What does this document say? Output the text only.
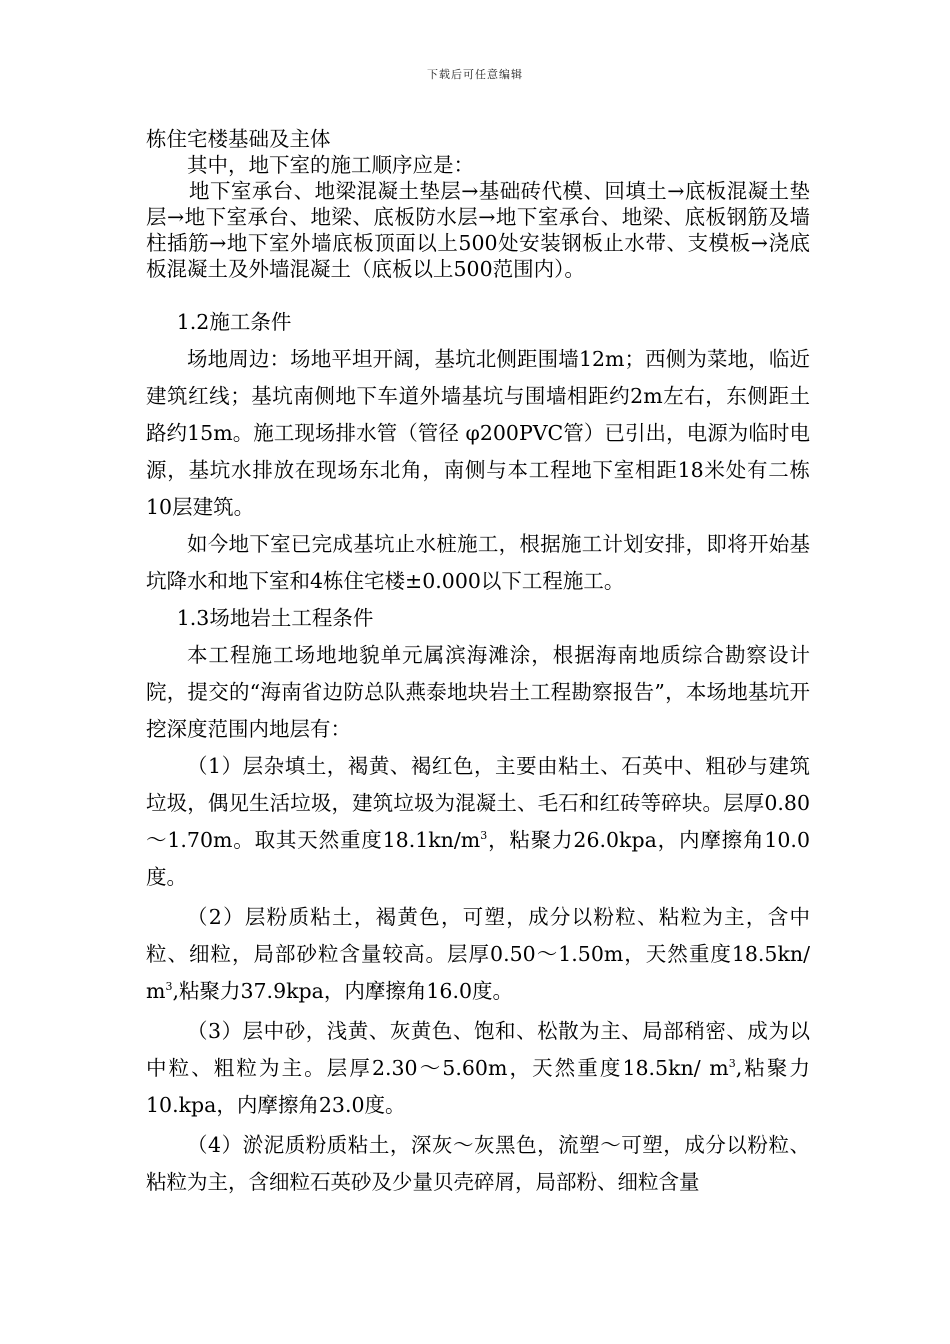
下载后可任意编辑

栋住宅楼基础及主体

其中，地下室的施工顺序应是：

地下室承台、地梁混凝土垫层→基础砖代模、回填土→底板混凝土垫层→地下室承台、地梁、底板防水层→地下室承台、地梁、底板钢筋及墙柱插筋→地下室外墙底板顶面以上500处安装钢板止水带、支模板→浇底板混凝土及外墙混凝土（底板以上500范围内）。

1.2施工条件

场地周边：场地平坦开阔，基坑北侧距围墙12m；西侧为菜地，临近建筑红线；基坑南侧地下车道外墙基坑与围墙相距约2m左右，东侧距土路约15m。施工现场排水管（管径 φ200PVC管）已引出，电源为临时电源，基坑水排放在现场东北角，南侧与本工程地下室相距18米处有二栋10层建筑。

如今地下室已完成基坑止水桩施工，根据施工计划安排，即将开始基坑降水和地下室和4栋住宅楼±0.000以下工程施工。

1.3场地岩土工程条件

本工程施工场地地貌单元属滨海滩涂，根据海南地质综合勘察设计院，提交的“海南省边防总队燕泰地块岩土工程勘察报告”，本场地基坑开挖深度范围内地层有：

（1）层杂填土，褐黄、褐红色，主要由粘土、石英中、粗砂与建筑垃圾，偶见生活垃圾，建筑垃圾为混凝土、毛石和红砖等碎块。层厚0.80～1.70m。取其天然重度$18.1kn/m^3$，粘聚力26.0kpa，内摩擦角10.0度。

（2）层粉质粘土，褐黄色，可塑，成分以粉粒、粘粒为主，含中粒、细粒，局部砂粒含量较高。层厚0.50～1.50m，天然重度18.5kn/ $m^3$,粘聚力37.9kpa，内摩擦角16.0度。

（3）层中砂，浅黄、灰黄色、饱和、松散为主、局部稍密、成为以中粒、粗粒为主。层厚2.30～5.60m，天然重度18.5kn/ $m^3$,粘聚力10.kpa，内摩擦角23.0度。

（4）淤泥质粉质粘土，深灰～灰黑色，流塑～可塑，成分以粉粒、粘粒为主，含细粒石英砂及少量贝壳碎屑，局部粉、细粒含量
